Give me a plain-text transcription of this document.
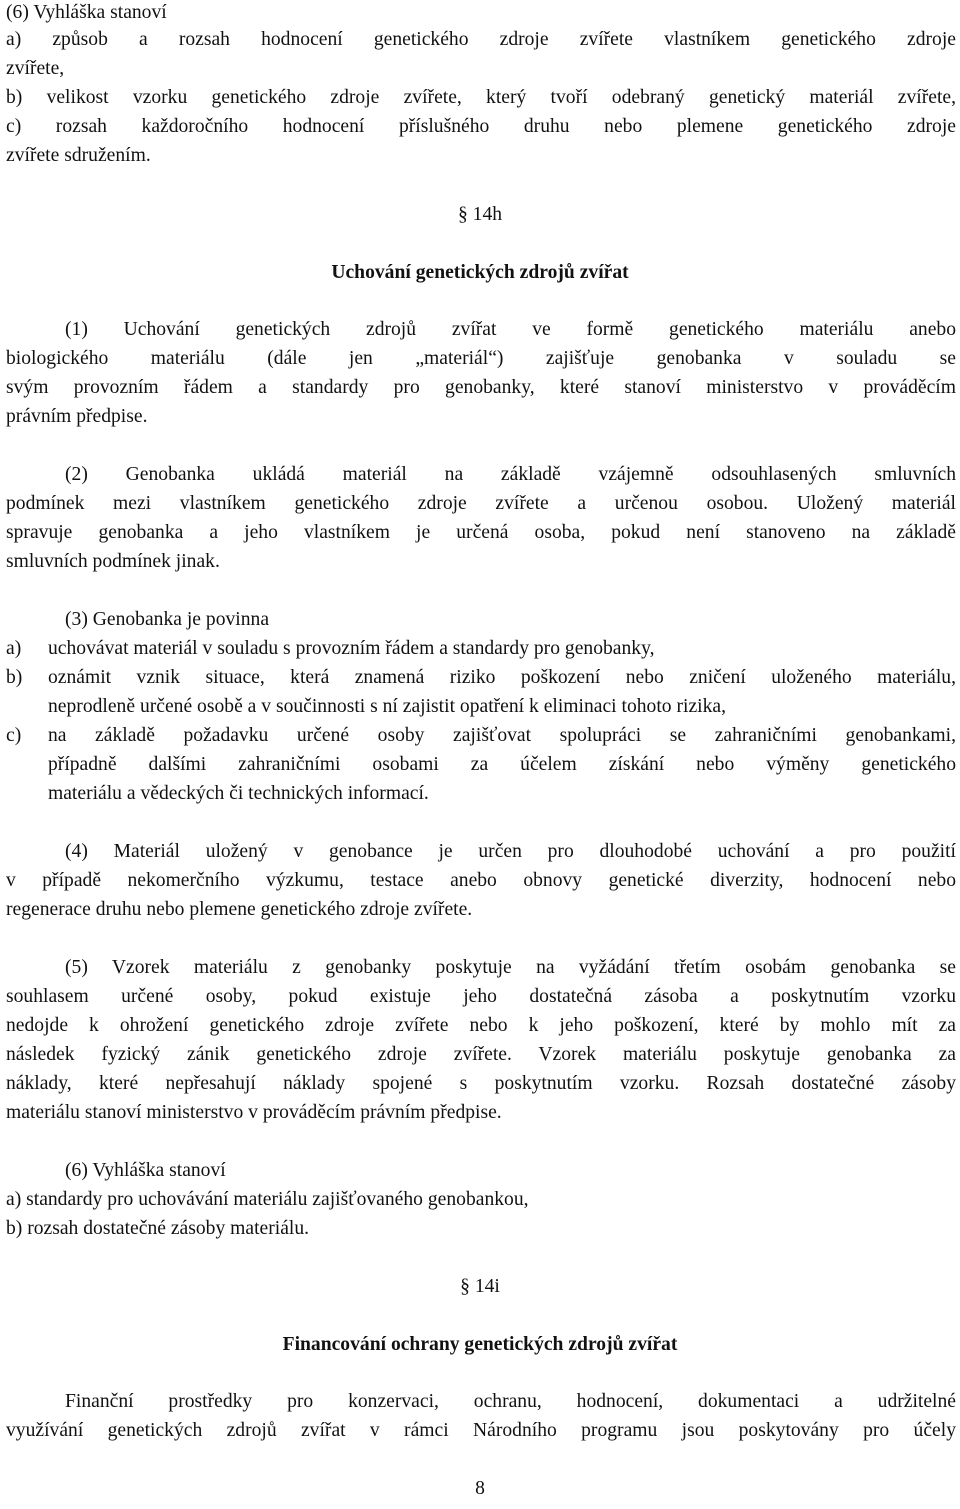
(6) Vyhláška stanoví
a) způsob a rozsah hodnocení genetického zdroje zvířete vlastníkem genetického zdroje
zvířete,
b) velikost vzorku genetického zdroje zvířete, který tvoří odebraný genetický materiál zvířete,
c) rozsah každoročního hodnocení příslušného druhu nebo plemene genetického zdroje
zvířete sdružením.
§ 14h
Uchování genetických zdrojů zvířat
(1) Uchování genetických zdrojů zvířat ve formě genetického materiálu anebo
biologického materiálu (dále jen „materiál“) zajišťuje genobanka v souladu se
svým provozním řádem a standardy pro genobanky, které stanoví ministerstvo v prováděcím
právním předpise.
(2) Genobanka ukládá materiál na základě vzájemně odsouhlasených smluvních
podmínek mezi vlastníkem genetického zdroje zvířete a určenou osobou. Uložený materiál
spravuje genobanka a jeho vlastníkem je určená osoba, pokud není stanoveno na základě
smluvních podmínek jinak.
(3) Genobanka je povinna
a) uchovávat materiál v souladu s provozním řádem a standardy pro genobanky,
b) oznámit vznik situace, která znamená riziko poškození nebo zničení uloženého materiálu,
neprodleně určené osobě a v součinnosti s ní zajistit opatření k eliminaci tohoto rizika,
c) na základě požadavku určené osoby zajišťovat spolupráci se zahraničními genobankami,
případně dalšími zahraničními osobami za účelem získání nebo výměny genetického
materiálu a vědeckých či technických informací.
(4) Materiál uložený v genobance je určen pro dlouhodobé uchování a pro použití
v případě nekomerčního výzkumu, testace anebo obnovy genetické diverzity, hodnocení nebo
regenerace druhu nebo plemene genetického zdroje zvířete.
(5) Vzorek materiálu z genobanky poskytuje na vyžádání třetím osobám genobanka se
souhlasem určené osoby, pokud existuje jeho dostatečná zásoba a poskytnutím vzorku
nedojde k ohrožení genetického zdroje zvířete nebo k jeho poškození, které by mohlo mít za
následek fyzický zánik genetického zdroje zvířete. Vzorek materiálu poskytuje genobanka za
náklady, které nepřesahují náklady spojené s poskytnutím vzorku. Rozsah dostatečné zásoby
materiálu stanoví ministerstvo v prováděcím právním předpise.
(6) Vyhláška stanoví
a) standardy pro uchovávání materiálu zajišťovaného genobankou,
b) rozsah dostatečné zásoby materiálu.
§ 14i
Financování ochrany genetických zdrojů zvířat
Finanční prostředky pro konzervaci, ochranu, hodnocení, dokumentaci a udržitelné
využívání genetických zdrojů zvířat v rámci Národního programu jsou poskytovány pro účely
8
